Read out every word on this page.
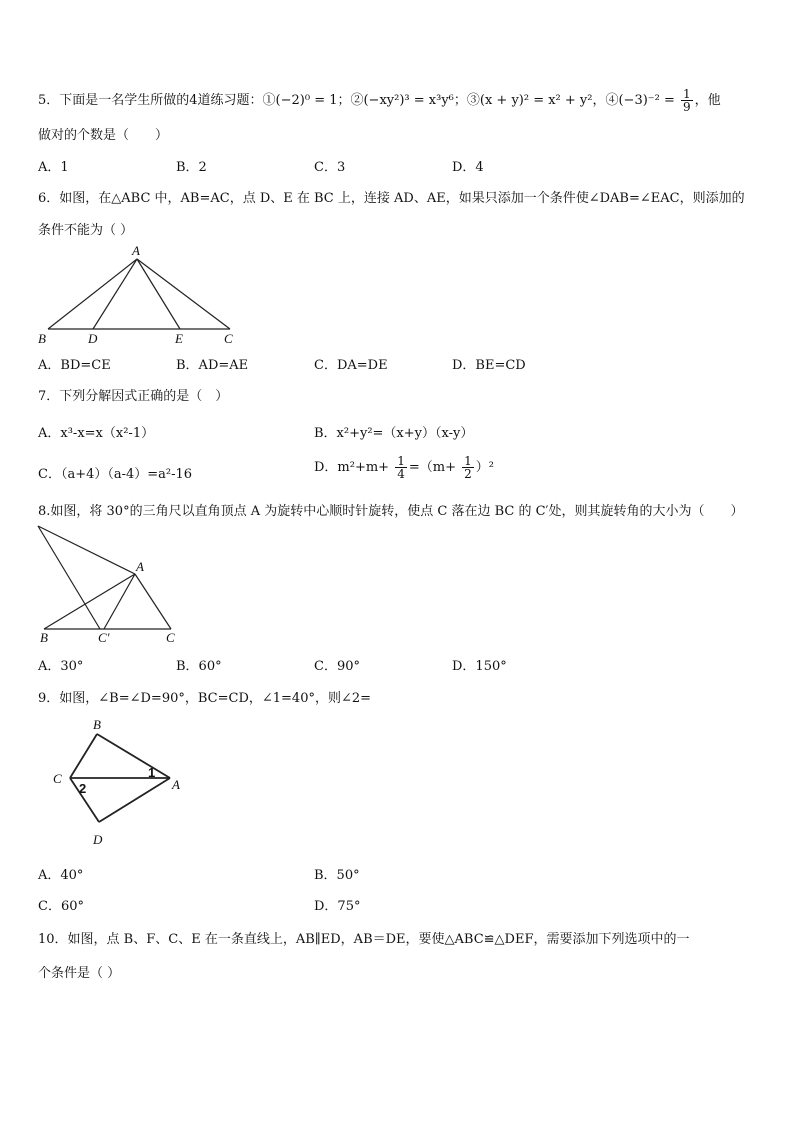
5．下面是一名学生所做的4道练习题：①(−2)⁰ = 1；②(−xy²)³ = x³y⁶；③(x + y)² = x² + y²，④(−3)⁻² = $\frac{1}{9}$ ，他
做对的个数是（　　）
A．1	B．2	C．3	D．4
6．如图，在△ABC 中，AB=AC，点 D、E 在 BC 上，连接 AD、AE，如果只添加一个条件使∠DAB=∠EAC，则添加的
条件不能为（ ）
A
B	D	E	C
A．BD=CE	B．AD=AE	C．DA=DE	D．BE=CD
7．下列分解因式正确的是（　）
A．x³-x=x（x²-1）	B．x²+y²=（x+y）（x-y）
C．（a+4）（a-4）=a²-16	D．$m^2+m+ \frac{1}{4} =(m+ \frac{1}{2} )^2$
8.如图，将 30°的三角尺以直角顶点 A 为旋转中心顺时针旋转，使点 C 落在边 BC 的 C′处，则其旋转角的大小为（　　）
A
B	C′	C
A．30°	B．60°	C．90°	D．150°
9．如图，∠B=∠D=90°，BC=CD，∠1=40°，则∠2=
B
C	A
D
1
2
A．40°	B．50°
C．60°	D．75°
10．如图，点 B、F、C、E 在一条直线上，AB∥ED，AB＝DE，要使△ABC≌△DEF，需要添加下列选项中的一
个条件是（ ）
